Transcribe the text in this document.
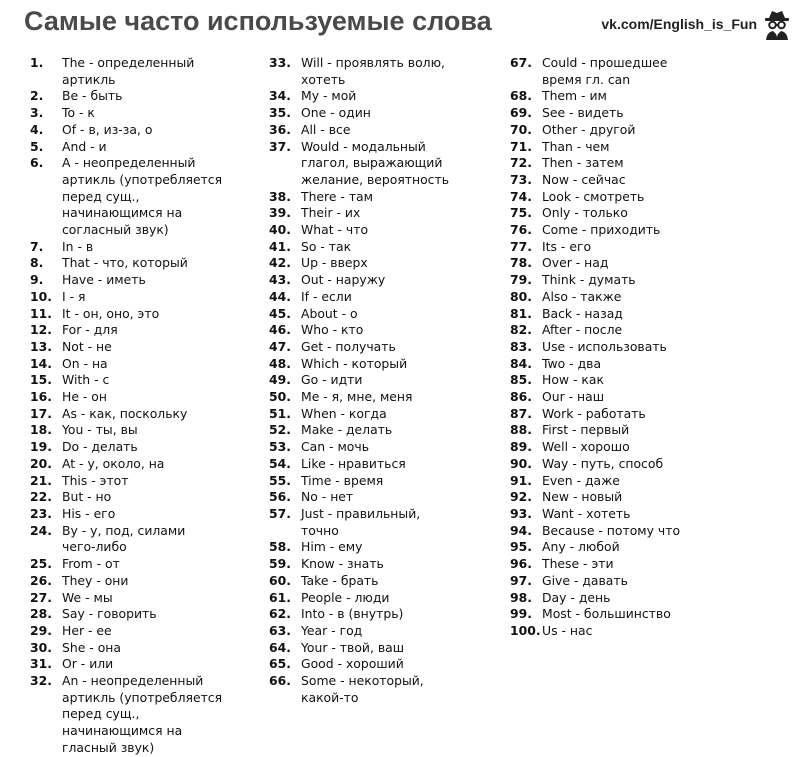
Самые часто используемые слова	vk.com/English_is_Fun
1.	The - определенный
артикль
2.	Be - быть
3.	To - к
4.	Of - в, из-за, о
5.	And - и
6.	A - неопределенный
артикль (употребляется
перед сущ.,
начинающимся на
согласный звук)
7.	In - в
8.	That - что, который
9.	Have - иметь
10. I - я
11. It - он, оно, это
12. For - для
13. Not - не
14. On - на
15. With - с
16. He - он
17. As - как, поскольку
18. You - ты, вы
19. Do - делать
20. At - у, около, на
21. This - этот
22. But - но
23. His - его
24. By - у, под, силами
чего-либо
25. From - от
26. They - они
27. We - мы
28. Say - говорить
29. Her - ее
30. She - она
31. Or - или
32. An - неопределенный
артикль (употребляется
перед сущ.,
начинающимся на
гласный звук)
33. Will - проявлять волю,
хотеть
34. My - мой
35. One - один
36. All - все
37. Would - модальный
глагол, выражающий
желание, вероятность
38. There - там
39. Their - их
40. What - что
41. So - так
42. Up - вверх
43. Out - наружу
44. If - если
45. About - о
46. Who - кто
47. Get - получать
48. Which - который
49. Go - идти
50. Me - я, мне, меня
51. When - когда
52. Make - делать
53. Can - мочь
54. Like - нравиться
55. Time - время
56. No - нет
57. Just - правильный,
точно
58. Him - ему
59. Know - знать
60. Take - брать
61. People - люди
62. Into - в (внутрь)
63. Year - год
64. Your - твой, ваш
65. Good - хороший
66. Some - некоторый,
какой-то
67. Could - прошедшее
время гл. can
68. Them - им
69. See - видеть
70. Other - другой
71. Than - чем
72. Then - затем
73. Now - сейчас
74. Look - смотреть
75. Only - только
76. Come - приходить
77. Its - его
78. Over - над
79. Think - думать
80. Also - также
81. Back - назад
82. After - после
83. Use - использовать
84. Two - два
85. How - как
86. Our - наш
87. Work - работать
88. First - первый
89. Well - хорошо
90. Way - путь, способ
91. Even - даже
92. New - новый
93. Want - хотеть
94. Because - потому что
95. Any - любой
96. These - эти
97. Give - давать
98. Day - день
99. Most - большинство
100. Us - нас
